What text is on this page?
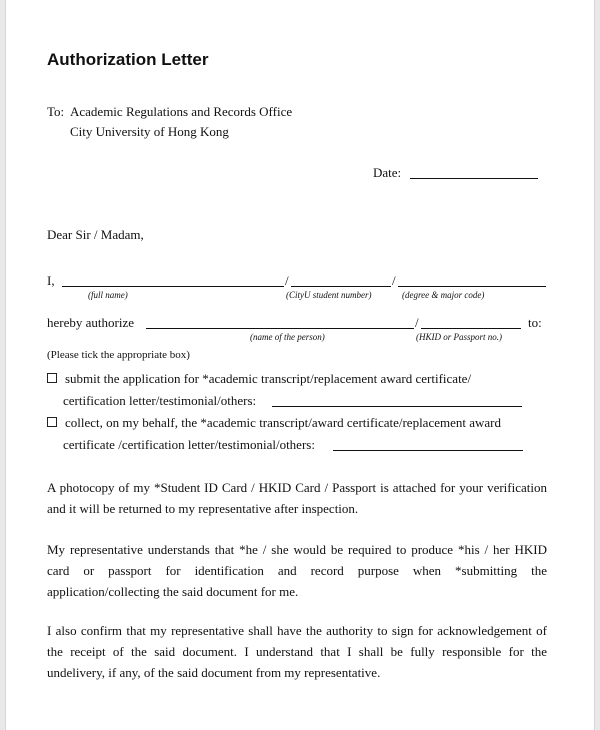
Authorization Letter
To: Academic Regulations and Records Office
City University of Hong Kong
Date:
Dear Sir / Madam,
I,	/	/
(full name)	(CityU student number)	(degree & major code)
hereby authorize	/	to:
(name of the person)	(HKID or Passport no.)
(Please tick the appropriate box)
submit the application for *academic transcript/replacement award certificate/
certification letter/testimonial/others:
collect, on my behalf, the *academic transcript/award certificate/replacement award
certificate /certification letter/testimonial/others:
A photocopy of my *Student ID Card / HKID Card / Passport is attached for your verification and it will be returned to my representative after inspection.
My representative understands that *he / she would be required to produce *his / her HKID card or passport for identification and record purpose when *submitting the application/collecting the said document for me.
I also confirm that my representative shall have the authority to sign for acknowledgement of the receipt of the said document. I understand that I shall be fully responsible for the undelivery, if any, of the said document from my representative.
